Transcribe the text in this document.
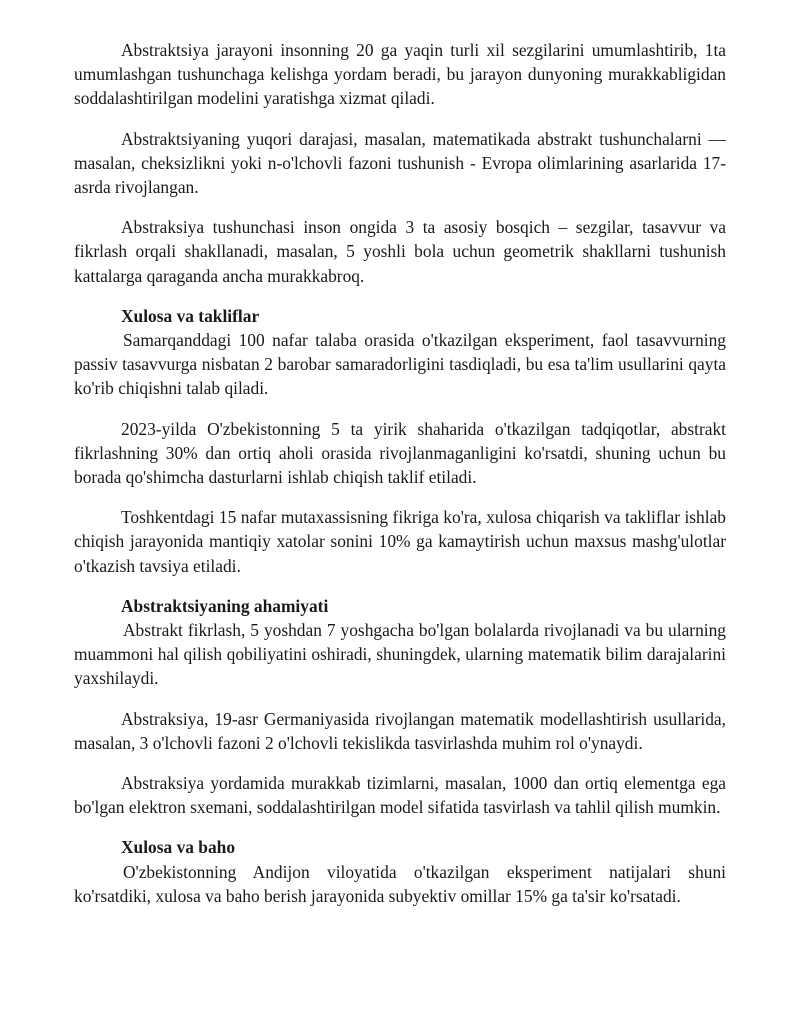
Abstraktsiya jarayoni insonning 20 ga yaqin turli xil sezgilarini umumlashtirib, 1ta umumlashgan tushunchaga kelishga yordam beradi, bu jarayon dunyoning murakkabligidan soddalashtirilgan modelini yaratishga xizmat qiladi.

Abstraktsiyaning yuqori darajasi, masalan, matematikada abstrakt tushunchalarni — masalan, cheksizlikni yoki n-o'lchovli fazoni tushunish - Evropa olimlarining asarlarida 17-asrda rivojlangan.

Abstraksiya tushunchasi inson ongida 3 ta asosiy bosqich – sezgilar, tasavvur va fikrlash orqali shakllanadi, masalan, 5 yoshli bola uchun geometrik shakllarni tushunish kattalarga qaraganda ancha murakkabroq.

Xulosa va takliflar

Samarqanddagi 100 nafar talaba orasida o'tkazilgan eksperiment, faol tasavvurning passiv tasavvurga nisbatan 2 barobar samaradorligini tasdiqladi, bu esa ta'lim usullarini qayta ko'rib chiqishni talab qiladi.

2023-yilda O'zbekistonning 5 ta yirik shaharida o'tkazilgan tadqiqotlar, abstrakt fikrlashning 30% dan ortiq aholi orasida rivojlanmaganligini ko'rsatdi, shuning uchun bu borada qo'shimcha dasturlarni ishlab chiqish taklif etiladi.

Toshkentdagi 15 nafar mutaxassisning fikriga ko'ra, xulosa chiqarish va takliflar ishlab chiqish jarayonida mantiqiy xatolar sonini 10% ga kamaytirish uchun maxsus mashg'ulotlar o'tkazish tavsiya etiladi.

Abstraktsiyaning ahamiyati

Abstrakt fikrlash, 5 yoshdan 7 yoshgacha bo'lgan bolalarda rivojlanadi va bu ularning muammoni hal qilish qobiliyatini oshiradi, shuningdek, ularning matematik bilim darajalarini yaxshilaydi.

Abstraksiya, 19-asr Germaniyasida rivojlangan matematik modellashtirish usullarida, masalan, 3 o'lchovli fazoni 2 o'lchovli tekislikda tasvirlashda muhim rol o'ynaydi.

Abstraksiya yordamida murakkab tizimlarni, masalan, 1000 dan ortiq elementga ega bo'lgan elektron sxemani, soddalashtirilgan model sifatida tasvirlash va tahlil qilish mumkin.

Xulosa va baho

O'zbekistonning Andijon viloyatida o'tkazilgan eksperiment natijalari shuni ko'rsatdiki, xulosa va baho berish jarayonida subyektiv omillar 15% ga ta'sir ko'rsatadi.
